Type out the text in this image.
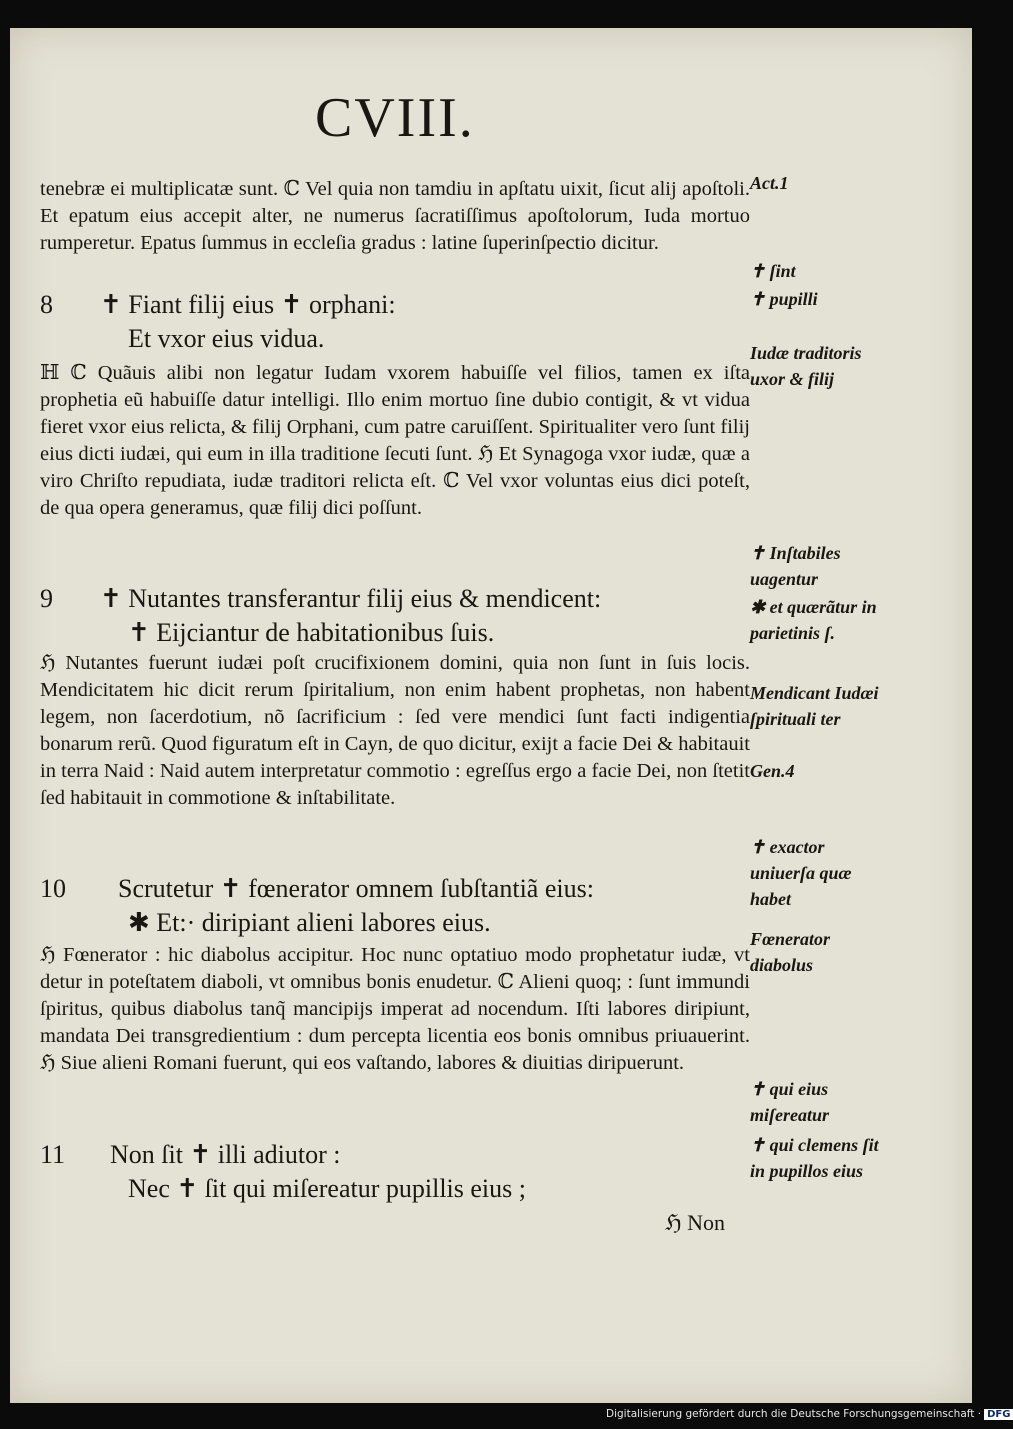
CVIII.
tenebræ ei multiplicatæ sunt. ℂ Vel quia non tamdiu in apſtatu uixit, ſicut alij apoſtoli. Et epatum eius accepit alter, ne numerus ſacratiſſimus apoſtolorum, Iuda mortuo rumperetur. Epatus ſummus in eccleſia gradus : latine ſuperinſpectio dicitur.
8 ✝ Fiant filij eius ✝ orphani:
Et vxor eius vidua.
ℍ ℂ Quãuis alibi non legatur Iudam vxorem habuiſſe vel filios, tamen ex iſta prophetia eũ habuiſſe datur intelligi. Illo enim mortuo ſine dubio contigit, & vt vidua fieret vxor eius relicta, & filij Orphani, cum patre caruiſſent. Spiritualiter vero ſunt filij eius dicti iudæi, qui eum in illa traditione ſecuti ſunt. ℌ Et Synagoga vxor iudæ, quæ a viro Chriſto repudiata, iudæ traditori relicta eſt. ℂ Vel vxor voluntas eius dici poteſt, de qua opera generamus, quæ filij dici poſſunt.
9 ✝ Nutantes transferantur filij eius & mendicent:
✝ Eijciantur de habitationibus ſuis.
ℌ Nutantes fuerunt iudæi poſt crucifixionem domini, quia non ſunt in ſuis locis. Mendicitatem hic dicit rerum ſpiritalium, non enim habent prophetas, non habent legem, non ſacerdotium, nõ ſacrificium : ſed vere mendici ſunt facti indigentia bonarum rerũ. Quod figuratum eſt in Cayn, de quo dicitur, exijt a facie Dei & habitauit in terra Naid : Naid autem interpretatur commotio : egreſſus ergo a facie Dei, non ſtetit ſed habitauit in commotione & inſtabilitate.
10 Scrutetur ✝ fœnerator omnem ſubſtantiã eius:
✱ Et:· diripiant alieni labores eius.
ℌ Fœnerator : hic diabolus accipitur. Hoc nunc optatiuo modo prophetatur iudæ, vt detur in poteſtatem diaboli, vt omnibus bonis enudetur. ℂ Alieni quoq; : ſunt immundi ſpiritus, quibus diabolus tanq̃ mancipijs imperat ad nocendum. Iſti labores diripiunt, mandata Dei transgredientium : dum percepta licentia eos bonis omnibus priuauerint. ℌ Siue alieni Romani fuerunt, qui eos vaſtando, labores & diuitias diripuerunt.
11 Non ſit ✝ illi adiutor :
Nec ✝ ſit qui miſereatur pupillis eius ;
ℌ Non
Act.1
✝ ſint
✝ pupilli
Iudæ traditoris uxor & filij
✝ Inſtabiles uagentur
✱ et quærãtur in parietinis ſ.
Mendicant Iudæi ſpirituali ter
Gen.4
✝ exactor uniuerſa quæ habet
Fœnerator diabolus
✝ qui eius miſereatur
✝ qui clemens ſit in pupillos eius
Digitalisierung gefördert durch die Deutsche Forschungsgemeinschaft · DFG
